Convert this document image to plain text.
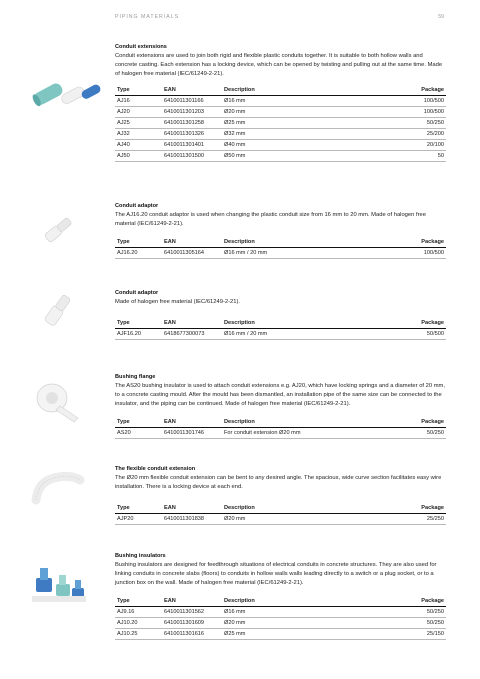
PIPING MATERIALS	59
Conduit extensions

Conduit extensions are used to join both rigid and flexible plastic conduits together. It is suitable to both hollow walls and concrete casting. Each extension has a locking device, which can be opened by twisting and pulling out at the same time. Made of halogen free material (IEC/61249-2-21).

Type	EAN	Description	Package
AJ16	6410011301166	Ø16 mm	100/500
AJ20	6410011301203	Ø20 mm	100/500
AJ25	6410011301258	Ø25 mm	50/250
AJ32	6410011301326	Ø32 mm	25/200
AJ40	6410011301401	Ø40 mm	20/100
AJ50	6410011301500	Ø50 mm	50
Conduit adaptor

The AJ16.20 conduit adaptor is used when changing the plastic conduit size from 16 mm to 20 mm. Made of halogen free material (IEC/61249-2-21).

Type	EAN	Description	Package
AJ16.20	6410011305164	Ø16 mm / 20 mm	100/500
Conduit adaptor

Made of halogen free material (IEC/61249-2-21).

Type	EAN	Description	Package
AJF16.20	6418677300073	Ø16 mm / 20 mm	50/500
Bushing flange

The AS20 bushing insulator is used to attach conduit extensions e.g. AJ20, which have locking springs and a diameter of 20 mm, to a concrete casting mould. After the mould has been dismantled, an installation pipe of the same size can be connected to the insulator, and the piping can be continued. Made of halogen free material (IEC/61249-2-21).

Type	EAN	Description	Package
AS20	6410011301746	For conduit extension Ø20 mm	50/250
The flexible conduit extension

The Ø20 mm flexible conduit extension can be bent to any desired angle. The spacious, wide curve section facilitates easy wire installation. There is a locking device at each end.

Type	EAN	Description	Package
AJP20	6410011301838	Ø20 mm	25/250
Bushing insulators

Bushing insulators are designed for feedthrough situations of electrical conduits in concrete structures. They are also used for linking conduits in concrete slabs (floors) to conduits in hollow walls walls leading directly to a switch or a plug socket, or to a junction box on the wall. Made of halogen free material (IEC/61249-2-21).

Type	EAN	Description	Package
AJ9.16	6410011301562	Ø16 mm	50/250
AJ10.20	6410011301609	Ø20 mm	50/250
AJ10.25	6410011301616	Ø25 mm	25/150
